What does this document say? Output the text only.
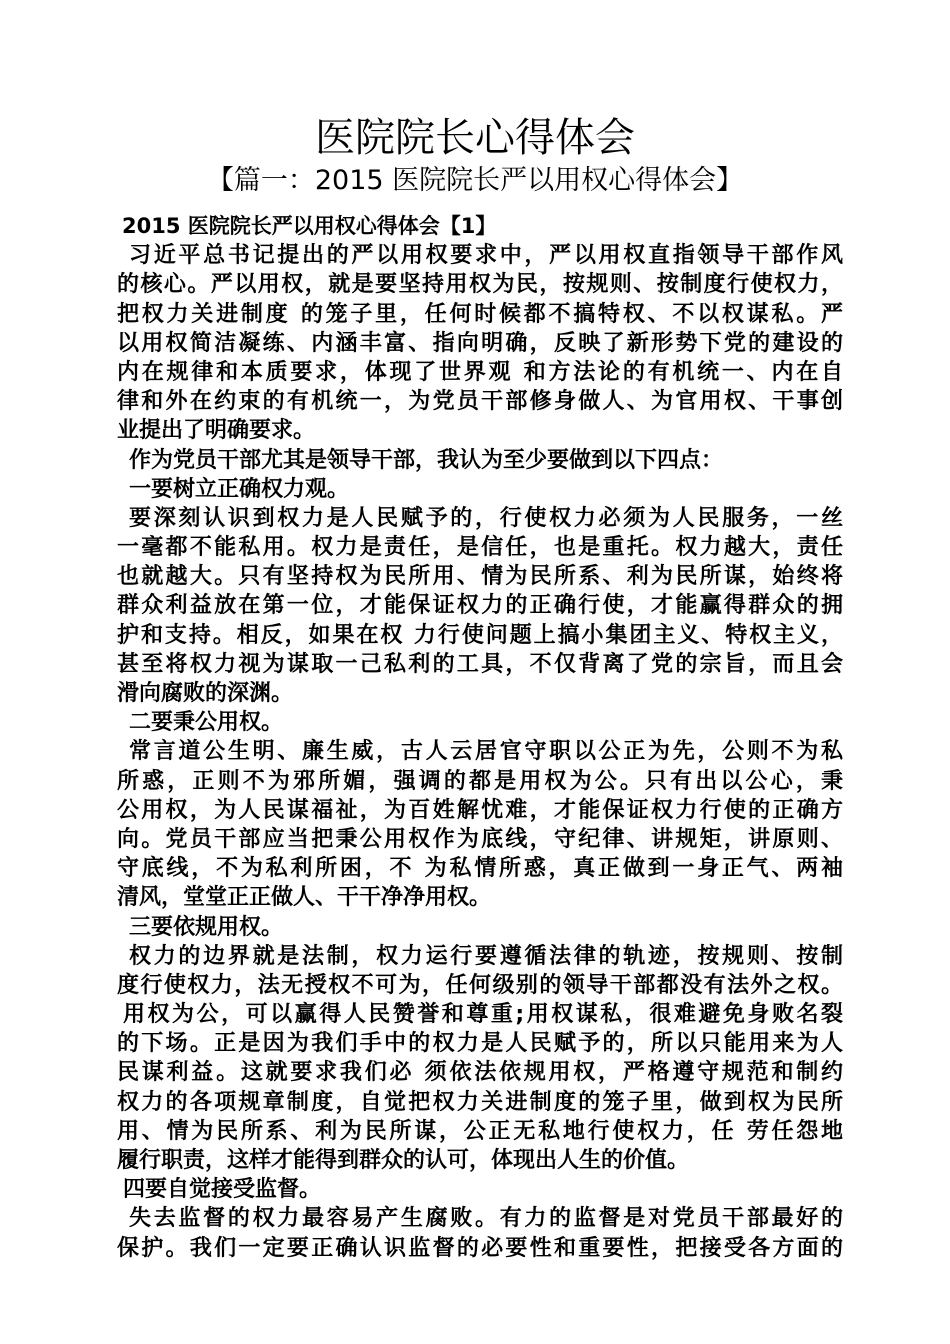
医院院长心得体会
【篇一：2015 医院院长严以用权心得体会】
2015 医院院长严以用权心得体会【1】
习近平总书记提出的严以用权要求中，严以用权直指领导干部作风
的核心。严以用权，就是要坚持用权为民，按规则、按制度行使权力，
把权力关进制度 的笼子里，任何时候都不搞特权、不以权谋私。严
以用权简洁凝练、内涵丰富、指向明确，反映了新形势下党的建设的
内在规律和本质要求，体现了世界观 和方法论的有机统一、内在自
律和外在约束的有机统一，为党员干部修身做人、为官用权、干事创
业提出了明确要求。
作为党员干部尤其是领导干部，我认为至少要做到以下四点：
一要树立正确权力观。
要深刻认识到权力是人民赋予的，行使权力必须为人民服务，一丝
一毫都不能私用。权力是责任，是信任，也是重托。权力越大，责任
也就越大。只有坚持权为民所用、情为民所系、利为民所谋，始终将
群众利益放在第一位，才能保证权力的正确行使，才能赢得群众的拥
护和支持。相反，如果在权 力行使问题上搞小集团主义、特权主义，
甚至将权力视为谋取一己私利的工具，不仅背离了党的宗旨，而且会
滑向腐败的深渊。
二要秉公用权。
常言道公生明、廉生威，古人云居官守职以公正为先，公则不为私
所惑，正则不为邪所媚，强调的都是用权为公。只有出以公心，秉
公用权，为人民谋福祉，为百姓解忧难，才能保证权力行使的正确方
向。党员干部应当把秉公用权作为底线，守纪律、讲规矩，讲原则、
守底线，不为私利所困，不 为私情所惑，真正做到一身正气、两袖
清风，堂堂正正做人、干干净净用权。
三要依规用权。
权力的边界就是法制，权力运行要遵循法律的轨迹，按规则、按制
度行使权力，法无授权不可为，任何级别的领导干部都没有法外之权。
用权为公，可以赢得人民赞誉和尊重;用权谋私，很难避免身败名裂
的下场。正是因为我们手中的权力是人民赋予的，所以只能用来为人
民谋利益。这就要求我们必 须依法依规用权，严格遵守规范和制约
权力的各项规章制度，自觉把权力关进制度的笼子里，做到权为民所
用、情为民所系、利为民所谋，公正无私地行使权力，任 劳任怨地
履行职责，这样才能得到群众的认可，体现出人生的价值。
四要自觉接受监督。
失去监督的权力最容易产生腐败。有力的监督是对党员干部最好的
保护。我们一定要正确认识监督的必要性和重要性，把接受各方面的
